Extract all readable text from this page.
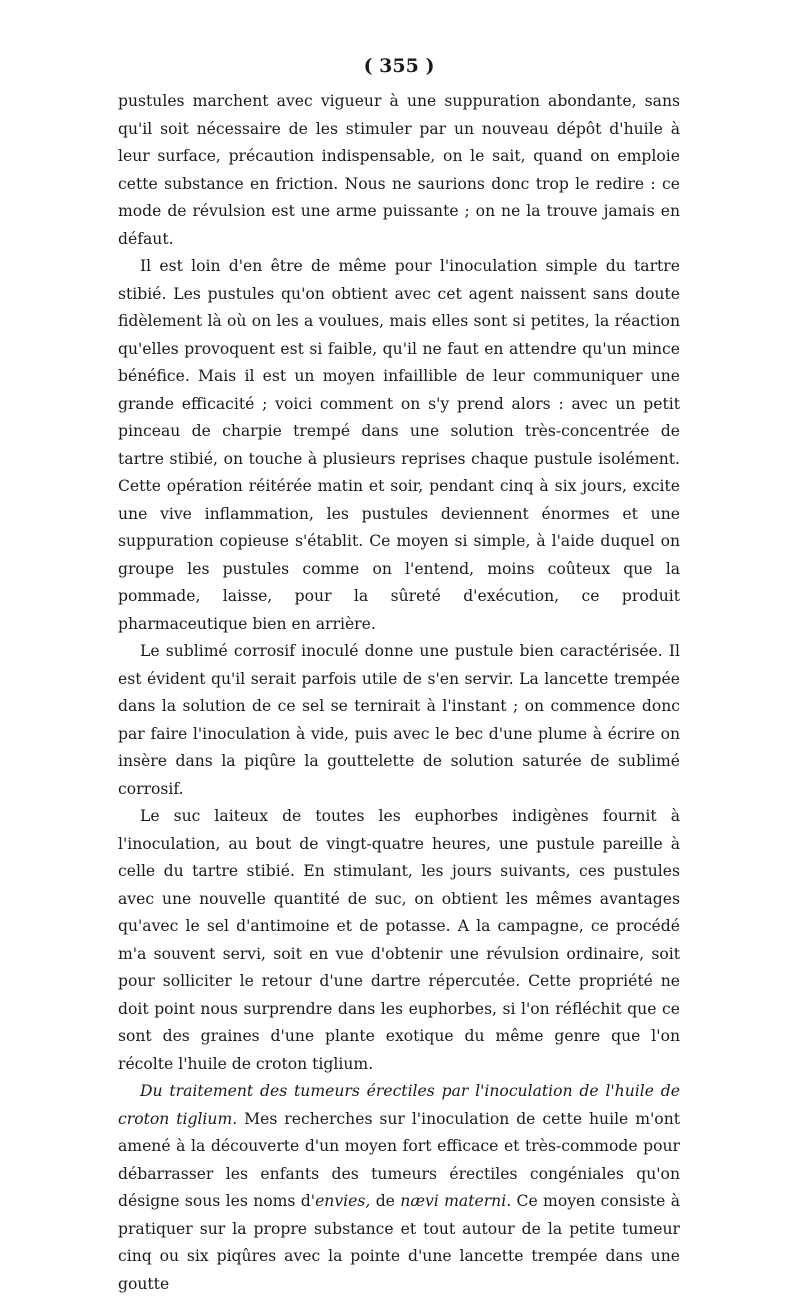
( 355 )

pustules marchent avec vigueur à une suppuration abondante, sans qu'il soit nécessaire de les stimuler par un nouveau dépôt d'huile à leur surface, précaution indispensable, on le sait, quand on emploie cette substance en friction. Nous ne saurions donc trop le redire : ce mode de révulsion est une arme puissante ; on ne la trouve jamais en défaut.

Il est loin d'en être de même pour l'inoculation simple du tartre stibié. Les pustules qu'on obtient avec cet agent naissent sans doute fidèlement là où on les a voulues, mais elles sont si petites, la réaction qu'elles provoquent est si faible, qu'il ne faut en attendre qu'un mince bénéfice. Mais il est un moyen infaillible de leur communiquer une grande efficacité ; voici comment on s'y prend alors : avec un petit pinceau de charpie trempé dans une solution très-concentrée de tartre stibié, on touche à plusieurs reprises chaque pustule isolément. Cette opération réitérée matin et soir, pendant cinq à six jours, excite une vive inflammation, les pustules deviennent énormes et une suppuration copieuse s'établit. Ce moyen si simple, à l'aide duquel on groupe les pustules comme on l'entend, moins coûteux que la pommade, laisse, pour la sûreté d'exécution, ce produit pharmaceutique bien en arrière.

Le sublimé corrosif inoculé donne une pustule bien caractérisée. Il est évident qu'il serait parfois utile de s'en servir. La lancette trempée dans la solution de ce sel se ternirait à l'instant ; on commence donc par faire l'inoculation à vide, puis avec le bec d'une plume à écrire on insère dans la piqûre la gouttelette de solution saturée de sublimé corrosif.

Le suc laiteux de toutes les euphorbes indigènes fournit à l'inoculation, au bout de vingt-quatre heures, une pustule pareille à celle du tartre stibié. En stimulant, les jours suivants, ces pustules avec une nouvelle quantité de suc, on obtient les mêmes avantages qu'avec le sel d'antimoine et de potasse. A la campagne, ce procédé m'a souvent servi, soit en vue d'obtenir une révulsion ordinaire, soit pour solliciter le retour d'une dartre répercutée. Cette propriété ne doit point nous surprendre dans les euphorbes, si l'on réfléchit que ce sont des graines d'une plante exotique du même genre que l'on récolte l'huile de croton tiglium.

Du traitement des tumeurs érectiles par l'inoculation de l'huile de croton tiglium. Mes recherches sur l'inoculation de cette huile m'ont amené à la découverte d'un moyen fort efficace et très-commode pour débarrasser les enfants des tumeurs érectiles congéniales qu'on désigne sous les noms d'envies, de nævi materni. Ce moyen consiste à pratiquer sur la propre substance et tout autour de la petite tumeur cinq ou six piqûres avec la pointe d'une lancette trempée dans une goutte
